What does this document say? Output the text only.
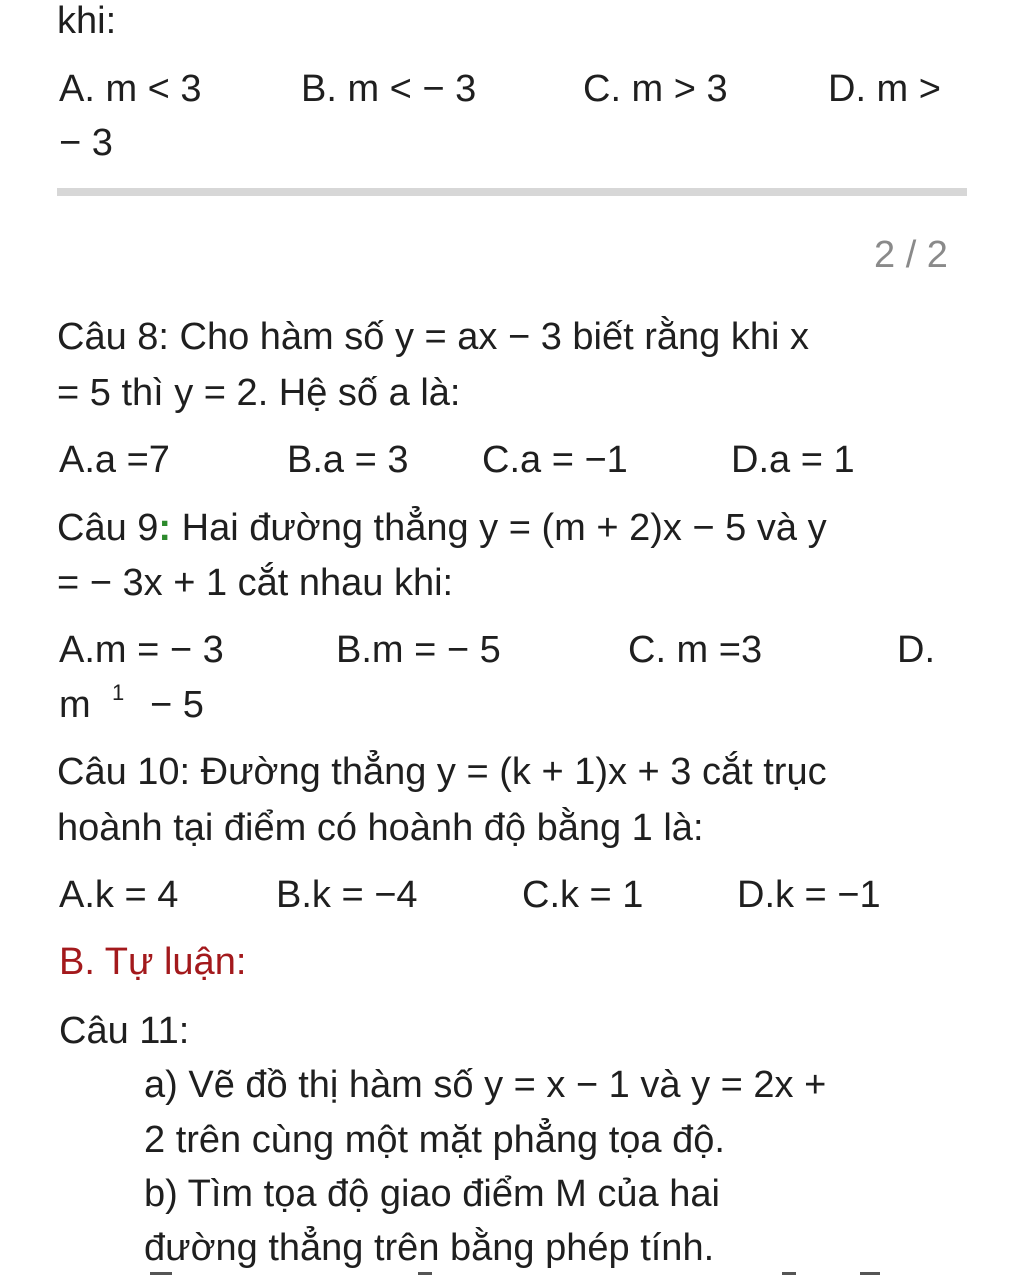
khi:
A. m < 3	B. m < − 3	C. m > 3	D. m >
− 3
2 / 2
Câu 8: Cho hàm số y = ax − 3 biết rằng khi x
= 5 thì y = 2. Hệ số a là:
A.a =7	B.a = 3 C.a = −1	D.a = 1
Câu 9: Hai đường thẳng y = (m + 2)x − 5 và y
= − 3x + 1 cắt nhau khi:
A.m = − 3	B.m = − 5	C. m =3	D.
m 1 − 5
Câu 10: Đường thẳng y = (k + 1)x + 3 cắt trục
hoành tại điểm có hoành độ bằng 1 là:
A.k = 4	B.k = −4	C.k = 1 D.k = −1
B. Tự luận:
Câu 11:
a) Vẽ đồ thị hàm số y = x − 1 và y = 2x +
2 trên cùng một mặt phẳng tọa độ.
b) Tìm tọa độ giao điểm M của hai
đường thẳng trên bằng phép tính.
